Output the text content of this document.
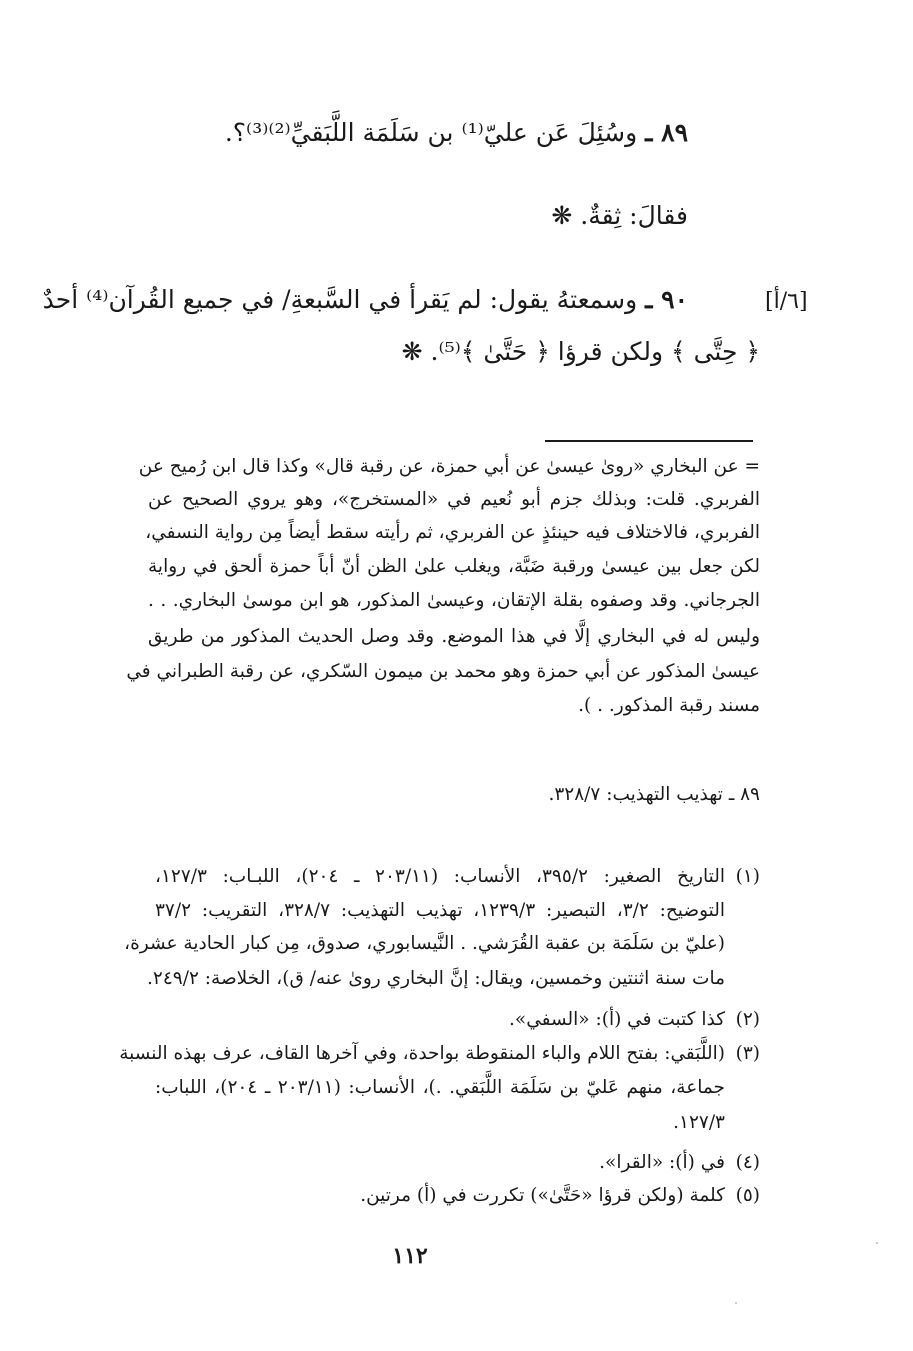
٨٩ ـ وسُئِلَ عَن عليّ⁽¹⁾ بن سَلَمَة اللَّبَقيِّ⁽²⁾⁽³⁾؟.
فقالَ: ثِقةٌ. ❋
٩٠ ـ وسمعتهُ يقول: لم يَقرأ في السَّبعةِ/ في جميع القُرآن⁽⁴⁾ أحدٌ
﴿ حِتَّى ﴾ ولكن قرؤا ﴿ حَتَّىٰ ﴾⁽⁵⁾. ❋
[٦/أ]
= عن البخاري «روىٰ عيسىٰ عن أبي حمزة، عن رقبة قال» وكذا قال ابن رُميح عن
الفربري. قلت: وبذلك جزم أبو نُعيم في «المستخرج»، وهو يروي الصحيح عن
الفربري، فالاختلاف فيه حينئذٍ عن الفربري، ثم رأيته سقط أيضاً مِن رواية النسفي،
لكن جعل بين عيسىٰ ورقبة ضَبَّة، ويغلب علىٰ الظن أنّ أباً حمزة ألحق في رواية
الجرجاني. وقد وصفوه بقلة الإتقان، وعيسىٰ المذكور، هو ابن موسىٰ البخاري. . .
وليس له في البخاري إلَّا في هذا الموضع. وقد وصل الحديث المذكور من طريق
عيسىٰ المذكور عن أبي حمزة وهو محمد بن ميمون السّكري، عن رقبة الطبراني في
مسند رقبة المذكور. . ).
٨٩ ـ تهذيب التهذيب: ٣٢٨/٧.
(١)
التاريخ الصغير: ٣٩٥/٢، الأنساب: (٢٠٣/١١ ـ ٢٠٤)، اللبـاب: ١٢٧/٣،
التوضيح: ٣/٢، التبصير: ١٢٣٩/٣، تهذيب التهذيب: ٣٢٨/٧، التقريب: ٣٧/٢
(عليّ بن سَلَمَة بن عقبة القُرَشي. . النَّيسابوري، صدوق، مِن كبار الحادية عشرة،
مات سنة اثنتين وخمسين، ويقال: إنَّ البخاري روىٰ عنه/ ق)، الخلاصة: ٢٤٩/٢.
(٢)
كذا كتبت في (أ): «السفي».
(٣)
(اللَّبَقي: بفتح اللام والباء المنقوطة بواحدة، وفي آخرها القاف، عرف بهذه النسبة
جماعة، منهم عَليّ بن سَلَمَة اللَّبَقي. .)، الأنساب: (٢٠٣/١١ ـ ٢٠٤)، اللباب:
١٢٧/٣.
(٤)
في (أ): «القرا».
(٥)
كلمة (ولكن قرؤا «حَتَّىٰ») تكررت في (أ) مرتين.
١١٢
